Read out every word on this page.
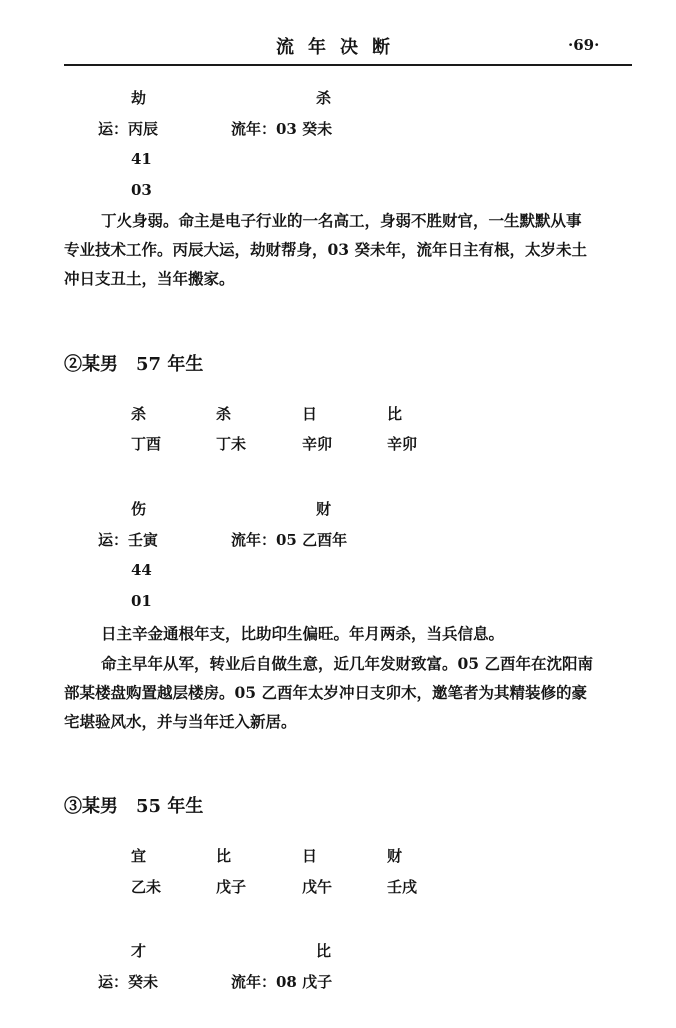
流年决断	·69·
劫	杀
运：丙辰	流年：03 癸未
41
03
丁火身弱。命主是电子行业的一名高工，身弱不胜财官，一生默默从事
专业技术工作。丙辰大运，劫财帮身，03 癸未年，流年日主有根，太岁未土
冲日支丑土，当年搬家。
②某男　57 年生
杀	杀	日	比
丁酉	丁未	辛卯	辛卯
伤	财
运：壬寅	流年：05 乙酉年
44
01
日主辛金通根年支，比助印生偏旺。年月两杀，当兵信息。
命主早年从军，转业后自做生意，近几年发财致富。05 乙酉年在沈阳南
部某楼盘购置越层楼房。05 乙酉年太岁冲日支卯木，邀笔者为其精装修的豪
宅堪验风水，并与当年迁入新居。
③某男　55 年生
宜	比	日	财
乙未	戊子	戊午	壬戌
才	比
运：癸未	流年：08 戊子
